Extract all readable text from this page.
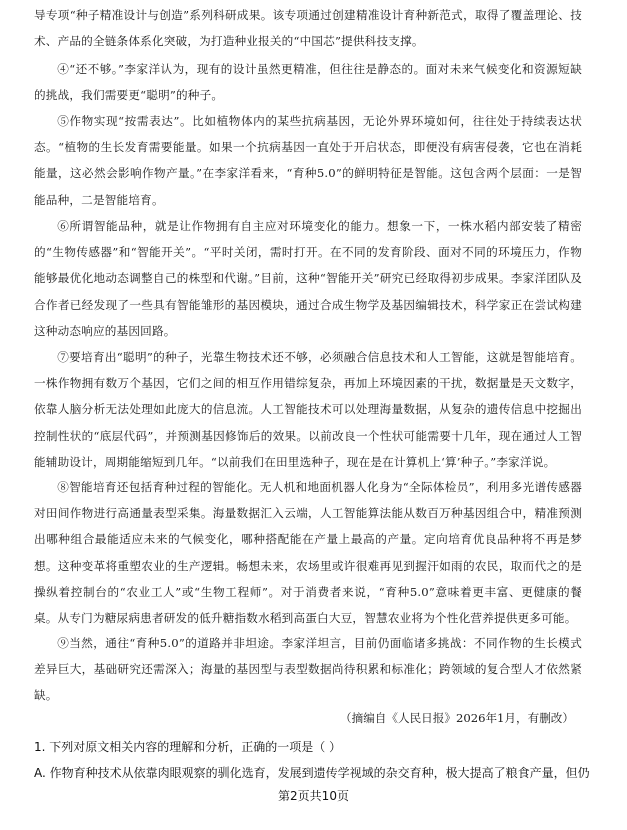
导专项“种子精准设计与创造”系列科研成果。该专项通过创建精准设计育种新范式，取得了覆盖理论、技术、产品的全链条体系化突破，为打造种业报关的“中国芯”提供科技支撑。
④“还不够。”李家洋认为，现有的设计虽然更精准，但往往是静态的。面对未来气候变化和资源短缺的挑战，我们需要更“聪明”的种子。
⑤作物实现“按需表达”。比如植物体内的某些抗病基因，无论外界环境如何，往往处于持续表达状态。“植物的生长发育需要能量。如果一个抗病基因一直处于开启状态，即便没有病害侵袭，它也在消耗能量，这必然会影响作物产量。”在李家洋看来，“育种5.0”的鲜明特征是智能。这包含两个层面：一是智能品种，二是智能培育。
⑥所谓智能品种，就是让作物拥有自主应对环境变化的能力。想象一下，一株水稻内部安装了精密的“生物传感器”和“智能开关”。“平时关闭，需时打开。在不同的发育阶段、面对不同的环境压力，作物能够最优化地动态调整自己的株型和代谢。”目前，这种“智能开关”研究已经取得初步成果。李家洋团队及合作者已经发现了一些具有智能雏形的基因模块，通过合成生物学及基因编辑技术，科学家正在尝试构建这种动态响应的基因回路。
⑦要培育出“聪明”的种子，光靠生物技术还不够，必须融合信息技术和人工智能，这就是智能培育。一株作物拥有数万个基因，它们之间的相互作用错综复杂，再加上环境因素的干扰，数据量是天文数字，依靠人脑分析无法处理如此庞大的信息流。人工智能技术可以处理海量数据，从复杂的遗传信息中挖掘出控制性状的“底层代码”，并预测基因修饰后的效果。以前改良一个性状可能需要十几年，现在通过人工智能辅助设计，周期能缩短到几年。“以前我们在田里选种子，现在是在计算机上‘算’种子。”李家洋说。
⑧智能培育还包括育种过程的智能化。无人机和地面机器人化身为“全际体检员”，利用多光谱传感器对田间作物进行高通量表型采集。海量数据汇入云端，人工智能算法能从数百万种基因组合中，精准预测出哪种组合最能适应未来的气候变化，哪种搭配能在产量上最高的产量。定向培育优良品种将不再是梦想。这种变革将重塑农业的生产逻辑。畅想未来，农场里或许很难再见到握汗如雨的农民，取而代之的是操纵着控制台的“农业工人”或“生物工程师”。对于消费者来说，“育种5.0”意味着更丰富、更健康的餐桌。从专门为糖尿病患者研发的低升糖指数水稻到高蛋白大豆，智慧农业将为个性化营养提供更多可能。
⑨当然，通往“育种5.0”的道路并非坦途。李家洋坦言，目前仍面临诸多挑战：不同作物的生长模式差异巨大，基础研究还需深入；海量的基因型与表型数据尚待积累和标准化；跨领域的复合型人才依然紧缺。
（摘编自《人民日报》2026年1月，有删改）
1. 下列对原文相关内容的理解和分析，正确的一项是（ ）
A. 作物育种技术从依靠肉眼观察的驯化选育，发展到遗传学视域的杂交育种，极大提高了粮食产量，但仍
第2页共10页
